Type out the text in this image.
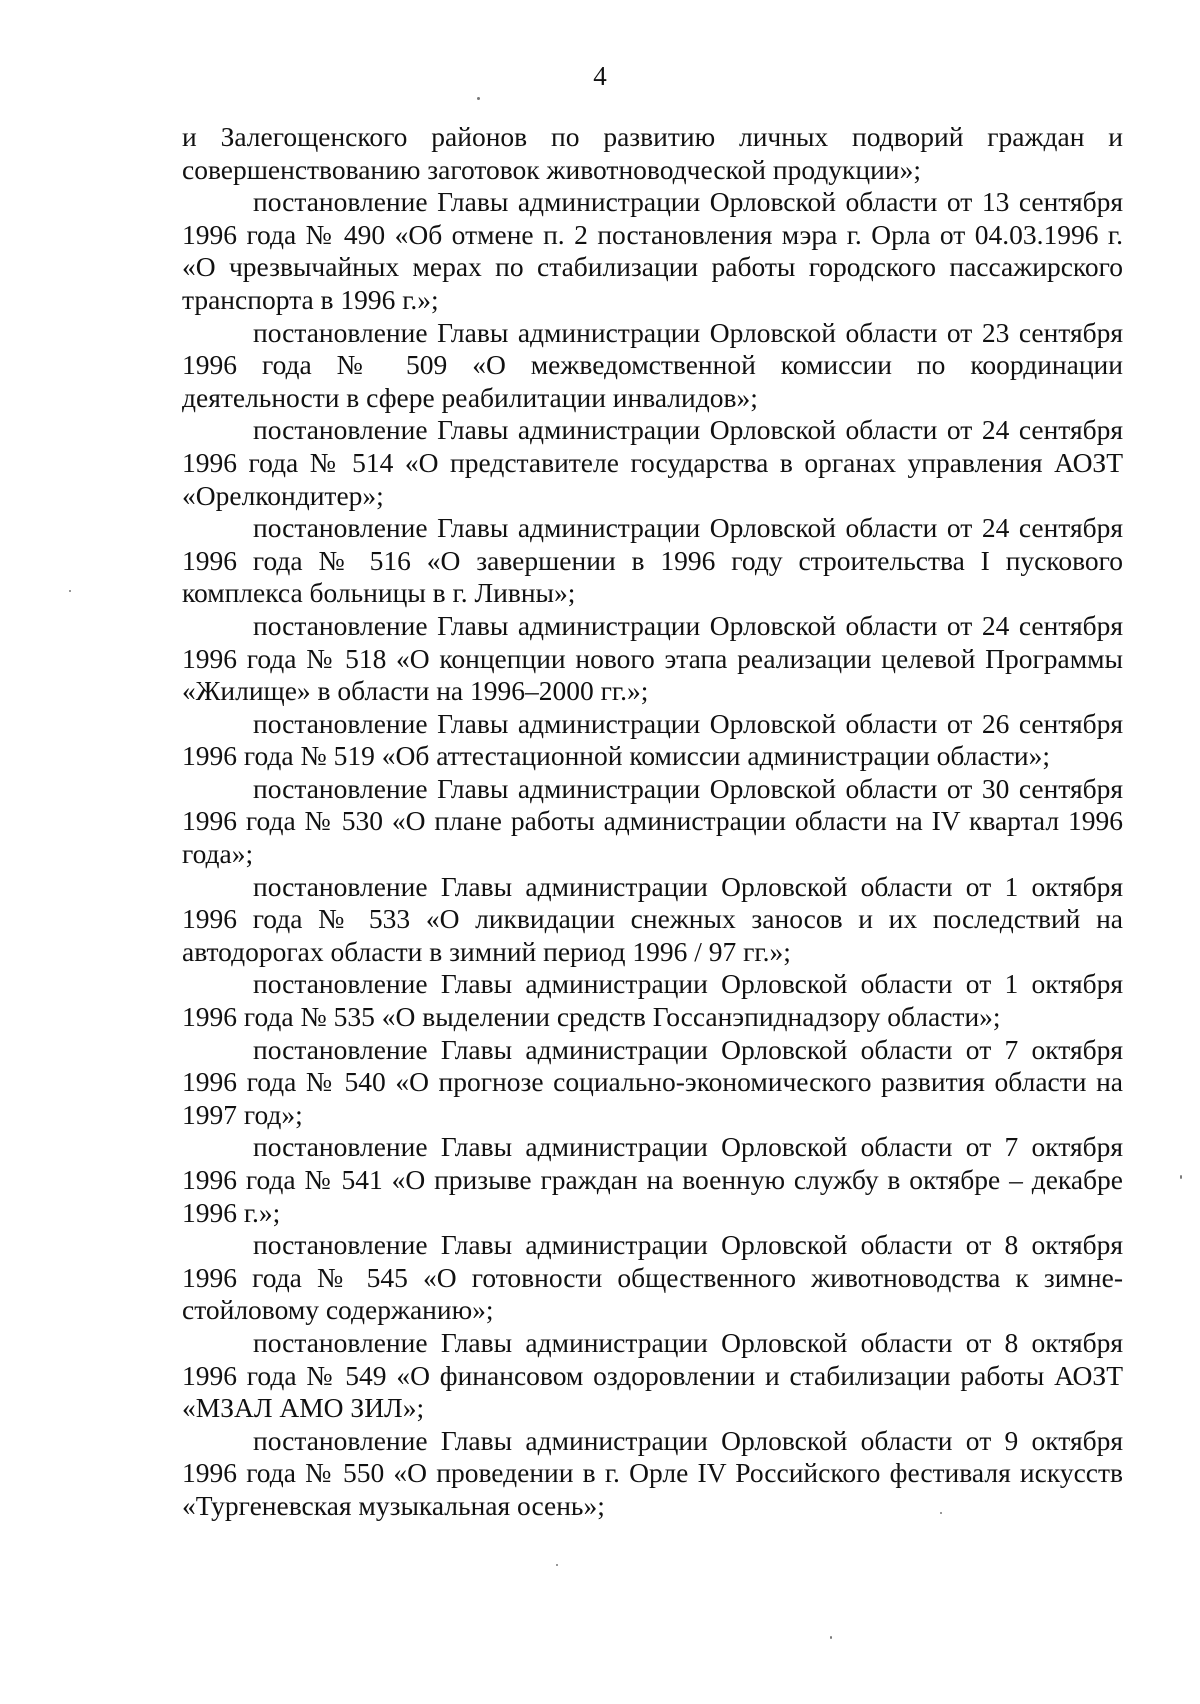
4

и Залегощенского районов по развитию личных подворий граждан и совершенствованию заготовок животноводческой продукции»;

постановление Главы администрации Орловской области от 13 сентября 1996 года № 490 «Об отмене п. 2 постановления мэра г. Орла от 04.03.1996 г. «О чрезвычайных мерах по стабилизации работы городского пассажирского транспорта в 1996 г.»;

постановление Главы администрации Орловской области от 23 сентября 1996 года № 509 «О межведомственной комиссии по координации деятельности в сфере реабилитации инвалидов»;

постановление Главы администрации Орловской области от 24 сентября 1996 года № 514 «О представителе государства в органах управления АОЗТ «Орелкондитер»;

постановление Главы администрации Орловской области от 24 сентября 1996 года № 516 «О завершении в 1996 году строительства I пускового комплекса больницы в г. Ливны»;

постановление Главы администрации Орловской области от 24 сентября 1996 года № 518 «О концепции нового этапа реализации целевой Программы «Жилище» в области на 1996–2000 гг.»;

постановление Главы администрации Орловской области от 26 сентября 1996 года № 519 «Об аттестационной комиссии администрации области»;

постановление Главы администрации Орловской области от 30 сентября 1996 года № 530 «О плане работы администрации области на IV квартал 1996 года»;

постановление Главы администрации Орловской области от 1 октября 1996 года № 533 «О ликвидации снежных заносов и их последствий на автодорогах области в зимний период 1996 / 97 гг.»;

постановление Главы администрации Орловской области от 1 октября 1996 года № 535 «О выделении средств Госсанэпиднадзору области»;

постановление Главы администрации Орловской области от 7 октября 1996 года № 540 «О прогнозе социально-экономического развития области на 1997 год»;

постановление Главы администрации Орловской области от 7 октября 1996 года № 541 «О призыве граждан на военную службу в октябре – декабре 1996 г.»;

постановление Главы администрации Орловской области от 8 октября 1996 года № 545 «О готовности общественного животноводства к зимне-стойловому содержанию»;

постановление Главы администрации Орловской области от 8 октября 1996 года № 549 «О финансовом оздоровлении и стабилизации работы АОЗТ «МЗАЛ АМО ЗИЛ»;

постановление Главы администрации Орловской области от 9 октября 1996 года № 550 «О проведении в г. Орле IV Российского фестиваля искусств «Тургеневская музыкальная осень»;
